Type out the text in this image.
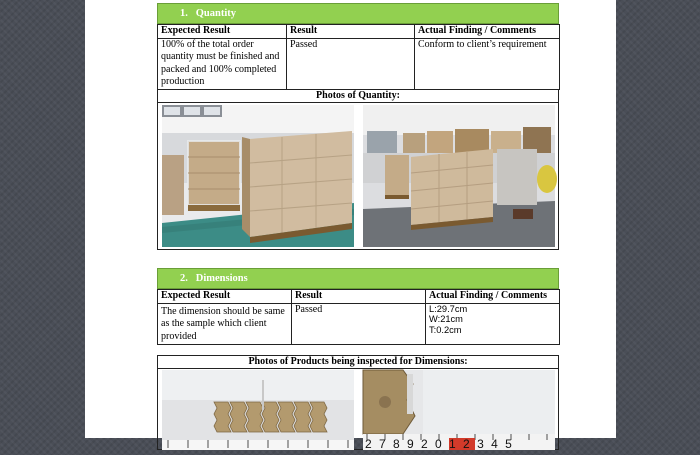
1. Quantity
Expected Result	Result	Actual Finding / Comments
100% of the total order quantity must be finished and packed and 100% completed production	Passed	Conform to client’s requirement
Photos of Quantity:
2. Dimensions
Expected Result	Result	Actual Finding / Comments
The dimension should be same as the sample which client provided	Passed	L:29.7cm
W:21cm
T:0.2cm
Photos of Products being inspected for Dimensions:
2 7 8 9 2 0 1 2 3 4 5
